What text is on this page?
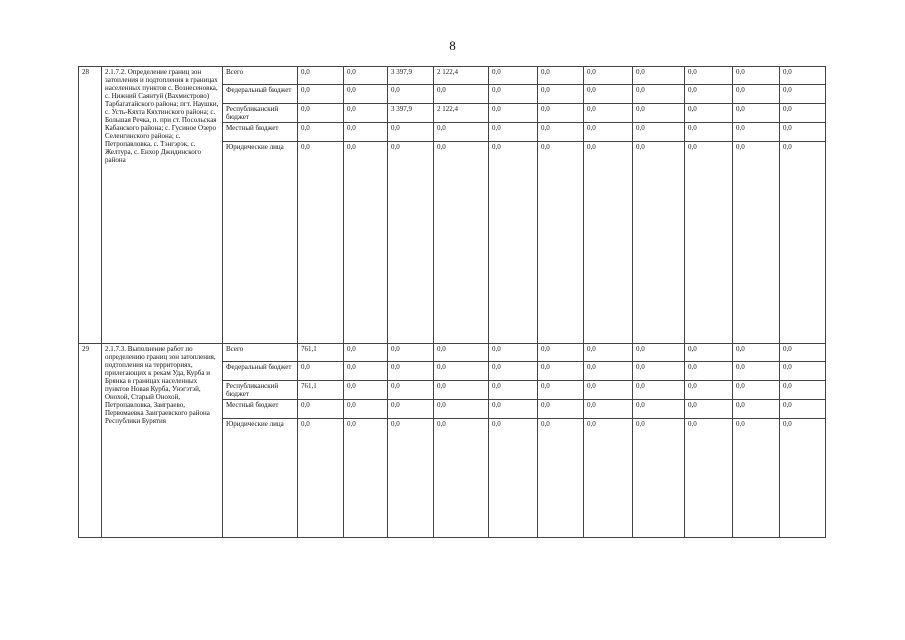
8
28	2.1.7.2. Определение границ зон затопления и подтопления в границах населенных пунктов с. Вознесеновка, с. Нижний Саянтуй (Вахмистрово) Тарбагатайского района; пгт. Наушки, с. Усть-Кяхта Кяхтинского района; с. Большая Речка, п. при ст. Посольская Кабанского района; с. Гусиное Озеро Селенгинского района; с. Петропавловка, с. Тэнгэрэк, с. Желтура, с. Енхор Джидинского района	Всего	0,0	0,0	3 397,9	2 122,4	0,0	0,0	0,0	0,0	0,0	0,0	0,0
		Федеральный бюджет	0,0	0,0	0,0	0,0	0,0	0,0	0,0	0,0	0,0	0,0	0,0
		Республиканский бюджет	0,0	0,0	3 397,9	2 122,4	0,0	0,0	0,0	0,0	0,0	0,0	0,0
		Местный бюджет	0,0	0,0	0,0	0,0	0,0	0,0	0,0	0,0	0,0	0,0	0,0
		Юридические лица	0,0	0,0	0,0	0,0	0,0	0,0	0,0	0,0	0,0	0,0	0,0
29	2.1.7.3. Выполнение работ по определению границ зон затопления, подтопления на территориях, прилегающих к рекам Уда, Курба и Брянка в границах населенных пунктов Новая Курба, Унэгэтэй, Онохой, Старый Онохой, Петропавловка, Заиграево, Первомаевка Заиграевского района Республики Бурятия	Всего	761,1	0,0	0,0	0,0	0,0	0,0	0,0	0,0	0,0	0,0	0,0
		Федеральный бюджет	0,0	0,0	0,0	0,0	0,0	0,0	0,0	0,0	0,0	0,0	0,0
		Республиканский бюджет	761,1	0,0	0,0	0,0	0,0	0,0	0,0	0,0	0,0	0,0	0,0
		Местный бюджет	0,0	0,0	0,0	0,0	0,0	0,0	0,0	0,0	0,0	0,0	0,0
		Юридические лица	0,0	0,0	0,0	0,0	0,0	0,0	0,0	0,0	0,0	0,0	0,0
